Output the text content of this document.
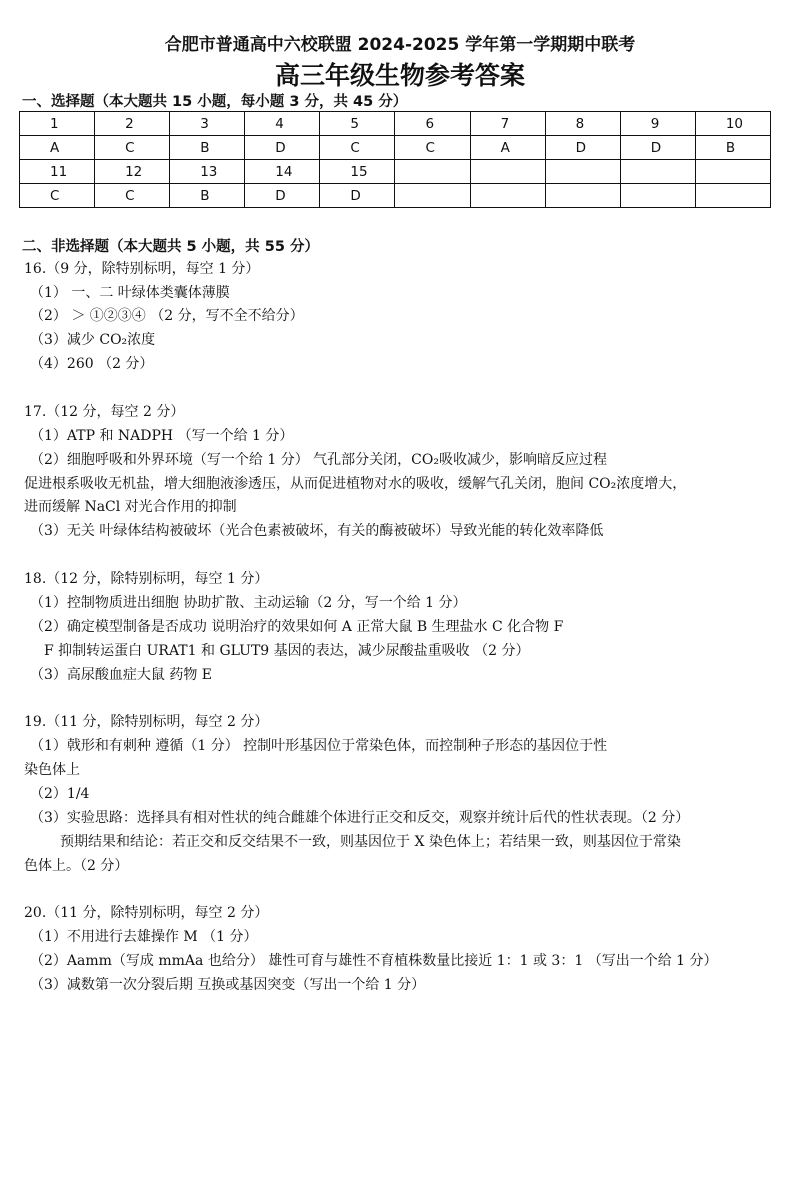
合肥市普通高中六校联盟 2024-2025 学年第一学期期中联考
高三年级生物参考答案
一、选择题（本大题共 15 小题，每小题 3 分，共 45 分）
1	2	3	4	5	6	7	8	9	10
A	C	B	D	C	C	A	D	D	B
11	12	13	14	15					
C	C	B	D	D					
二、非选择题（本大题共 5 小题，共 55 分）
16.（9 分，除特别标明，每空 1 分）
（1） 一、二 叶绿体类囊体薄膜
（2） ＞ ①②③④ （2 分，写不全不给分）
（3）减少 CO₂浓度
（4）260 （2 分）
17.（12 分，每空 2 分）
（1）ATP 和 NADPH （写一个给 1 分）
（2）细胞呼吸和外界环境（写一个给 1 分） 气孔部分关闭，CO₂吸收减少，影响暗反应过程
促进根系吸收无机盐，增大细胞液渗透压，从而促进植物对水的吸收，缓解气孔关闭，胞间 CO₂浓度增大，
进而缓解 NaCl 对光合作用的抑制
（3）无关 叶绿体结构被破坏（光合色素被破坏，有关的酶被破坏）导致光能的转化效率降低
18.（12 分，除特别标明，每空 1 分）
（1）控制物质进出细胞 协助扩散、主动运输（2 分，写一个给 1 分）
（2）确定模型制备是否成功 说明治疗的效果如何 A 正常大鼠 B 生理盐水 C 化合物 F
F 抑制转运蛋白 URAT1 和 GLUT9 基因的表达，减少尿酸盐重吸收 （2 分）
（3）高尿酸血症大鼠 药物 E
19.（11 分，除特别标明，每空 2 分）
（1）戟形和有刺种 遵循（1 分） 控制叶形基因位于常染色体，而控制种子形态的基因位于性
染色体上
（2）1/4
（3）实验思路：选择具有相对性状的纯合雌雄个体进行正交和反交，观察并统计后代的性状表现。（2 分）
预期结果和结论：若正交和反交结果不一致，则基因位于 X 染色体上；若结果一致，则基因位于常染
色体上。（2 分）
20.（11 分，除特别标明，每空 2 分）
（1）不用进行去雄操作 M （1 分）
（2）Aamm（写成 mmAa 也给分） 雄性可育与雄性不育植株数量比接近 1：1 或 3：1 （写出一个给 1 分）
（3）减数第一次分裂后期 互换或基因突变（写出一个给 1 分）
